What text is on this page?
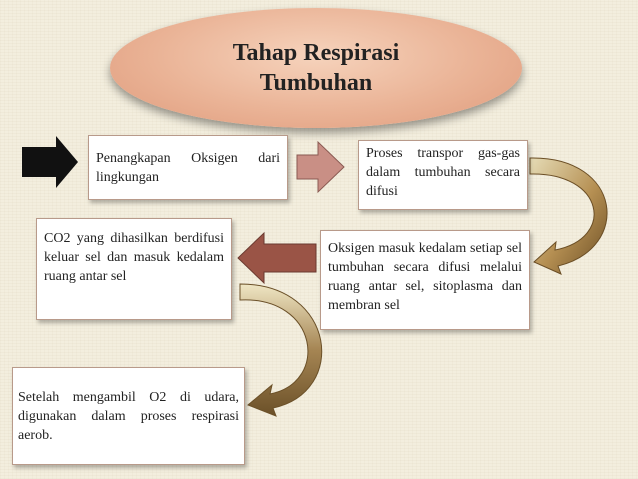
Tahap Respirasi
Tumbuhan
Penangkapan Oksigen dari lingkungan
Proses transpor gas-gas dalam tumbuhan secara difusi
CO2 yang dihasilkan berdifusi keluar sel dan masuk kedalam ruang antar sel
Oksigen masuk kedalam setiap sel tumbuhan secara difusi melalui ruang antar sel, sitoplasma dan membran sel
Setelah mengambil O2 di udara, digunakan dalam proses respirasi aerob.
